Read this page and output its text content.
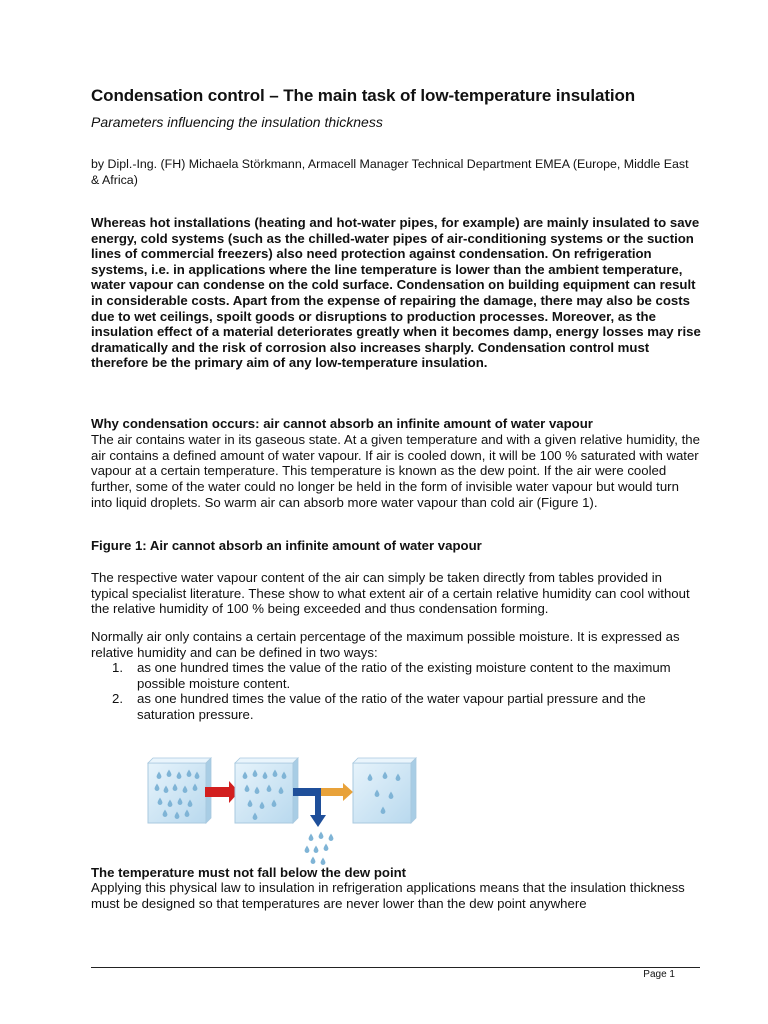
Condensation control – The main task of low-temperature insulation

Parameters influencing the insulation thickness

by Dipl.-Ing. (FH) Michaela Störkmann, Armacell Manager Technical Department EMEA (Europe, Middle East & Africa)

Whereas hot installations (heating and hot-water pipes, for example) are mainly insulated to save energy, cold systems (such as the chilled-water pipes of air-conditioning systems or the suction lines of commercial freezers) also need protection against condensation. On refrigeration systems, i.e. in applications where the line temperature is lower than the ambient temperature, water vapour can condense on the cold surface. Condensation on building equipment can result in considerable costs. Apart from the expense of repairing the damage, there may also be costs due to wet ceilings, spoilt goods or disruptions to production processes. Moreover, as the insulation effect of a material deteriorates greatly when it becomes damp, energy losses may rise dramatically and the risk of corrosion also increases sharply. Condensation control must therefore be the primary aim of any low-temperature insulation.

Why condensation occurs: air cannot absorb an infinite amount of water vapour

The air contains water in its gaseous state. At a given temperature and with a given relative humidity, the air contains a defined amount of water vapour. If air is cooled down, it will be 100 % saturated with water vapour at a certain temperature. This temperature is known as the dew point. If the air were cooled further, some of the water could no longer be held in the form of invisible water vapour but would turn into liquid droplets. So warm air can absorb more water vapour than cold air (Figure 1).

Figure 1: Air cannot absorb an infinite amount of water vapour

The respective water vapour content of the air can simply be taken directly from tables provided in typical specialist literature. These show to what extent air of a certain relative humidity can cool without the relative humidity of 100 % being exceeded and thus condensation forming.

Normally air only contains a certain percentage of the maximum possible moisture. It is expressed as relative humidity and can be defined in two ways:

1. as one hundred times the value of the ratio of the existing moisture content to the maximum possible moisture content.
2. as one hundred times the value of the ratio of the water vapour partial pressure and the saturation pressure.
The temperature must not fall below the dew point

Applying this physical law to insulation in refrigeration applications means that the insulation thickness must be designed so that temperatures are never lower than the dew point anywhere

Page 1
